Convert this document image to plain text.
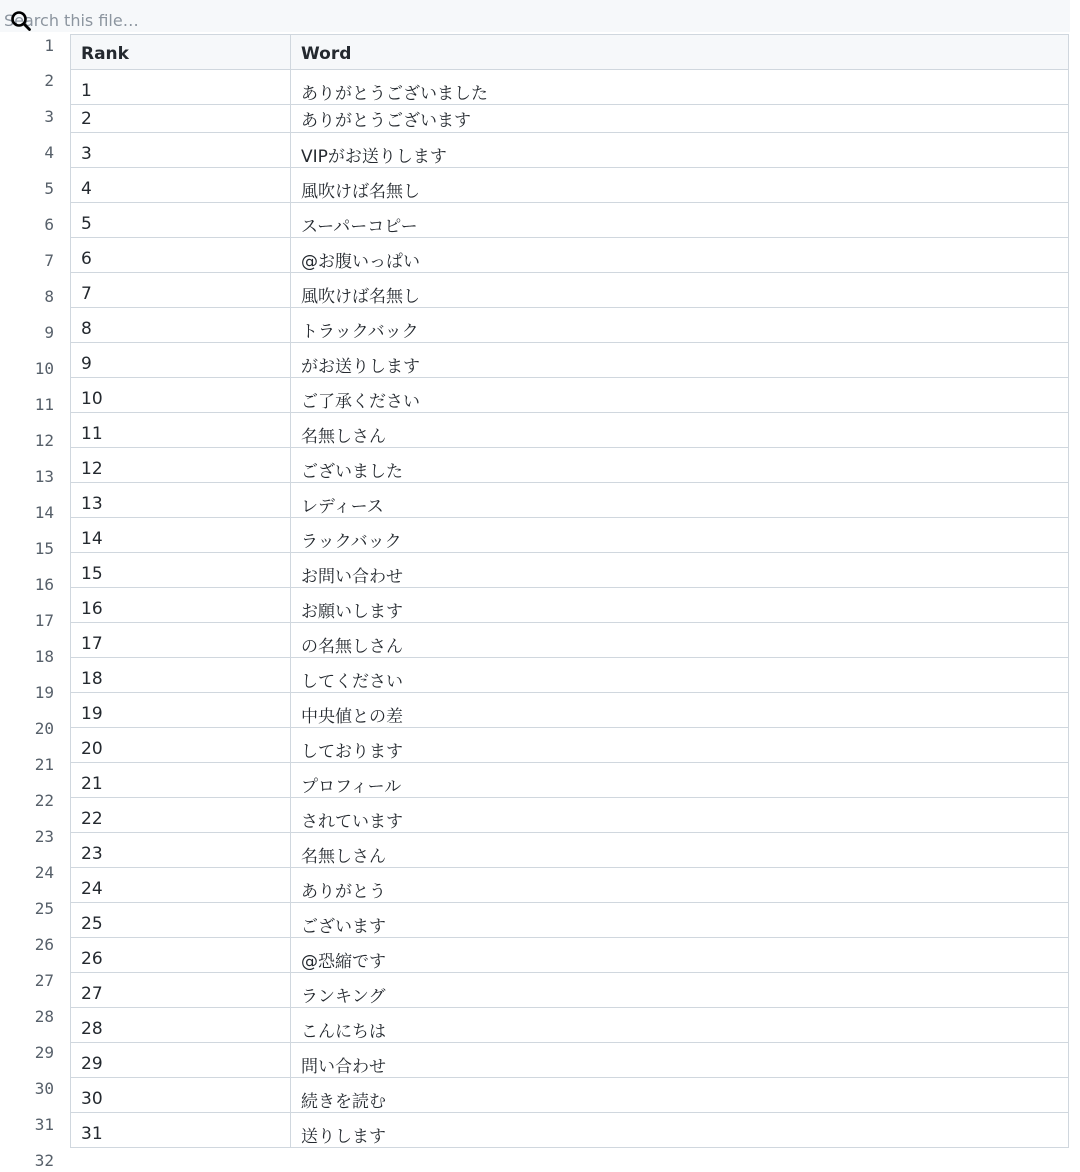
Search this file…
1
2
3
4
5
6
7
8
9
10
11
12
13
14
15
16
17
18
19
20
21
22
23
24
25
26
27
28
29
30
31
32
Rank	Word
1	ありがとうございました
2	ありがとうございます
3	VIPがお送りします
4	風吹けば名無し
5	スーパーコピー
6	@お腹いっぱい
7	風吹けば名無し
8	トラックバック
9	がお送りします
10	ご了承ください
11	名無しさん
12	ございました
13	レディース
14	ラックバック
15	お問い合わせ
16	お願いします
17	の名無しさん
18	してください
19	中央値との差
20	しております
21	プロフィール
22	されています
23	名無しさん
24	ありがとう
25	ございます
26	@恐縮です
27	ランキング
28	こんにちは
29	問い合わせ
30	続きを読む
31	送りします
